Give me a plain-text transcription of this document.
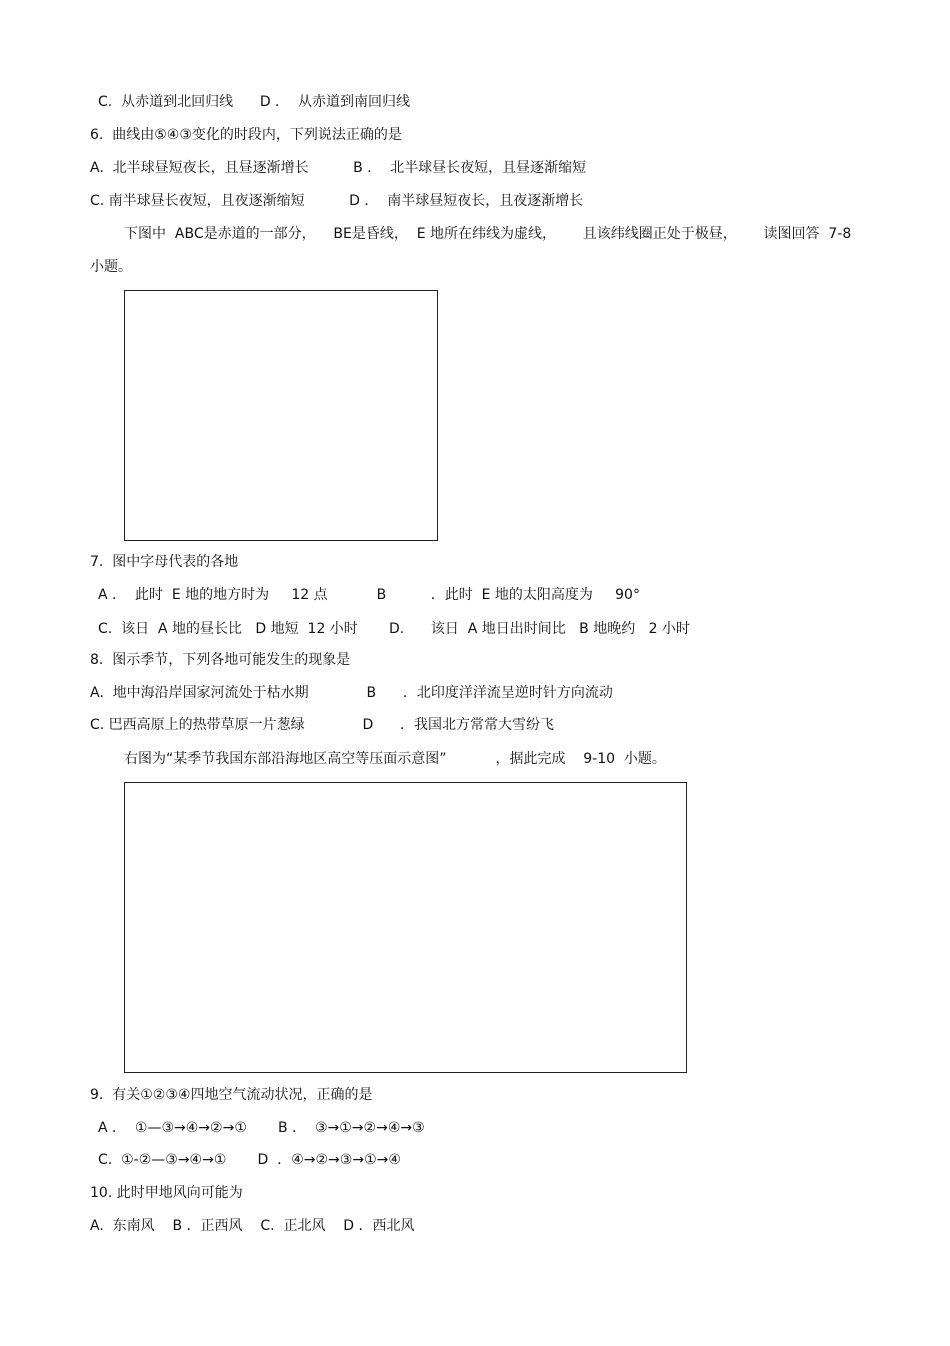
C.  从赤道到北回归线      D ．  从赤道到南回归线
6.  曲线由⑤④③变化的时段内，下列说法正确的是
A.  北半球昼短夜长，且昼逐渐增长          B ．  北半球昼长夜短，且昼逐渐缩短
C. 南半球昼长夜短，且夜逐渐缩短          D ．  南半球昼短夜长，且夜逐渐增长
下图中  ABC是赤道的一部分，    BE是昏线，  E 地所在纬线为虚线，      且该纬线圈正处于极昼，      读图回答  7-8
小题。
7.  图中字母代表的各地
A ．  此时  E 地的地方时为     12 点           B          ．此时  E 地的太阳高度为     90°
C.  该日  A 地的昼长比   D 地短  12 小时       D.      该日  A 地日出时间比   B 地晚约   2 小时
8.  图示季节，下列各地可能发生的现象是
A.  地中海沿岸国家河流处于枯水期             B      ．北印度洋洋流呈逆时针方向流动
C. 巴西高原上的热带草原一片葱绿             D      ．我国北方常常大雪纷飞
右图为“某季节我国东部沿海地区高空等压面示意图”           ，据此完成    9-10  小题。
9.  有关①②③④四地空气流动状况，正确的是
A ．  ①—③→④→②→①       B ．  ③→①→②→④→③
C.  ①-②—③→④→①       D  ．④→②→③→①→④
10. 此时甲地风向可能为
A.  东南风    B ．正西风    C.  正北风    D ．西北风
